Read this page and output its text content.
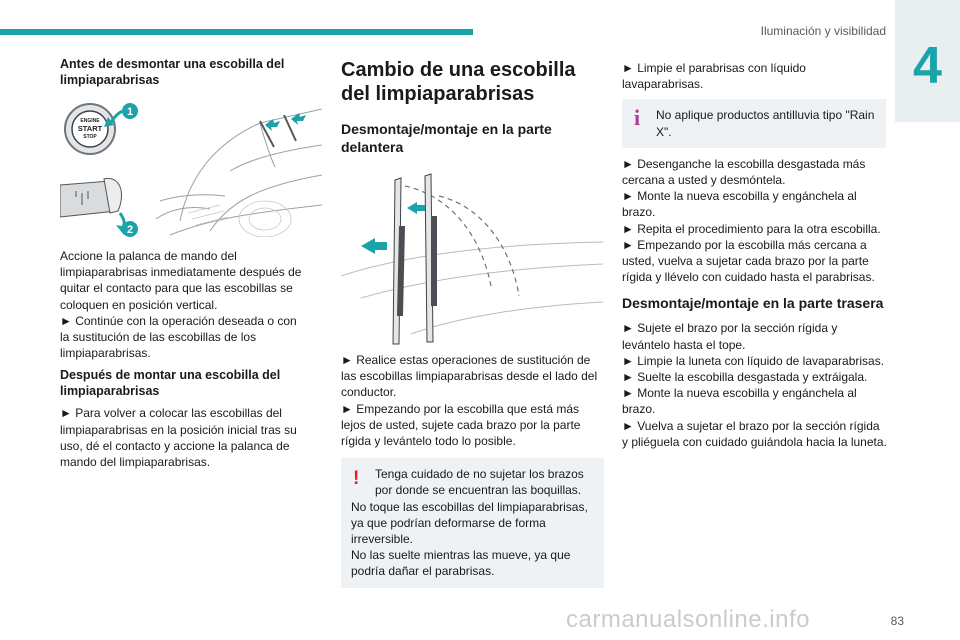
Iluminación y visibilidad
4
Antes de desmontar una escobilla del limpiaparabrisas
ENGINE
START
STOP
1
2
Accione la palanca de mando del limpiaparabrisas inmediatamente después de quitar el contacto para que las escobillas se coloquen en posición vertical.
► Continúe con la operación deseada o con la sustitución de las escobillas de los limpiaparabrisas.
Después de montar una escobilla del limpiaparabrisas
► Para volver a colocar las escobillas del limpiaparabrisas en la posición inicial tras su uso, dé el contacto y accione la palanca de mando del limpiaparabrisas.
Cambio de una escobilla del limpiaparabrisas
Desmontaje/montaje en la parte delantera
► Realice estas operaciones de sustitución de las escobillas limpiaparabrisas desde el lado del conductor.
► Empezando por la escobilla que está más lejos de usted, sujete cada brazo por la parte rígida y levántelo todo lo posible.
!	Tenga cuidado de no sujetar los brazos por donde se encuentran las boquillas.
No toque las escobillas del limpiaparabrisas, ya que podrían deformarse de forma irreversible.
No las suelte mientras las mueve, ya que podría dañar el parabrisas.
► Limpie el parabrisas con líquido lavaparabrisas.
i	No aplique productos antilluvia tipo "Rain X".
► Desenganche la escobilla desgastada más cercana a usted y desmóntela.
► Monte la nueva escobilla y engánchela al brazo.
► Repita el procedimiento para la otra escobilla.
► Empezando por la escobilla más cercana a usted, vuelva a sujetar cada brazo por la parte rígida y llévelo con cuidado hasta el parabrisas.
Desmontaje/montaje en la parte trasera
► Sujete el brazo por la sección rígida y levántelo hasta el tope.
► Limpie la luneta con líquido de lavaparabrisas.
► Suelte la escobilla desgastada y extráigala.
► Monte la nueva escobilla y engánchela al brazo.
► Vuelva a sujetar el brazo por la sección rígida y pliéguela con cuidado guiándola hacia la luneta.
carmanualsonline.info	83
